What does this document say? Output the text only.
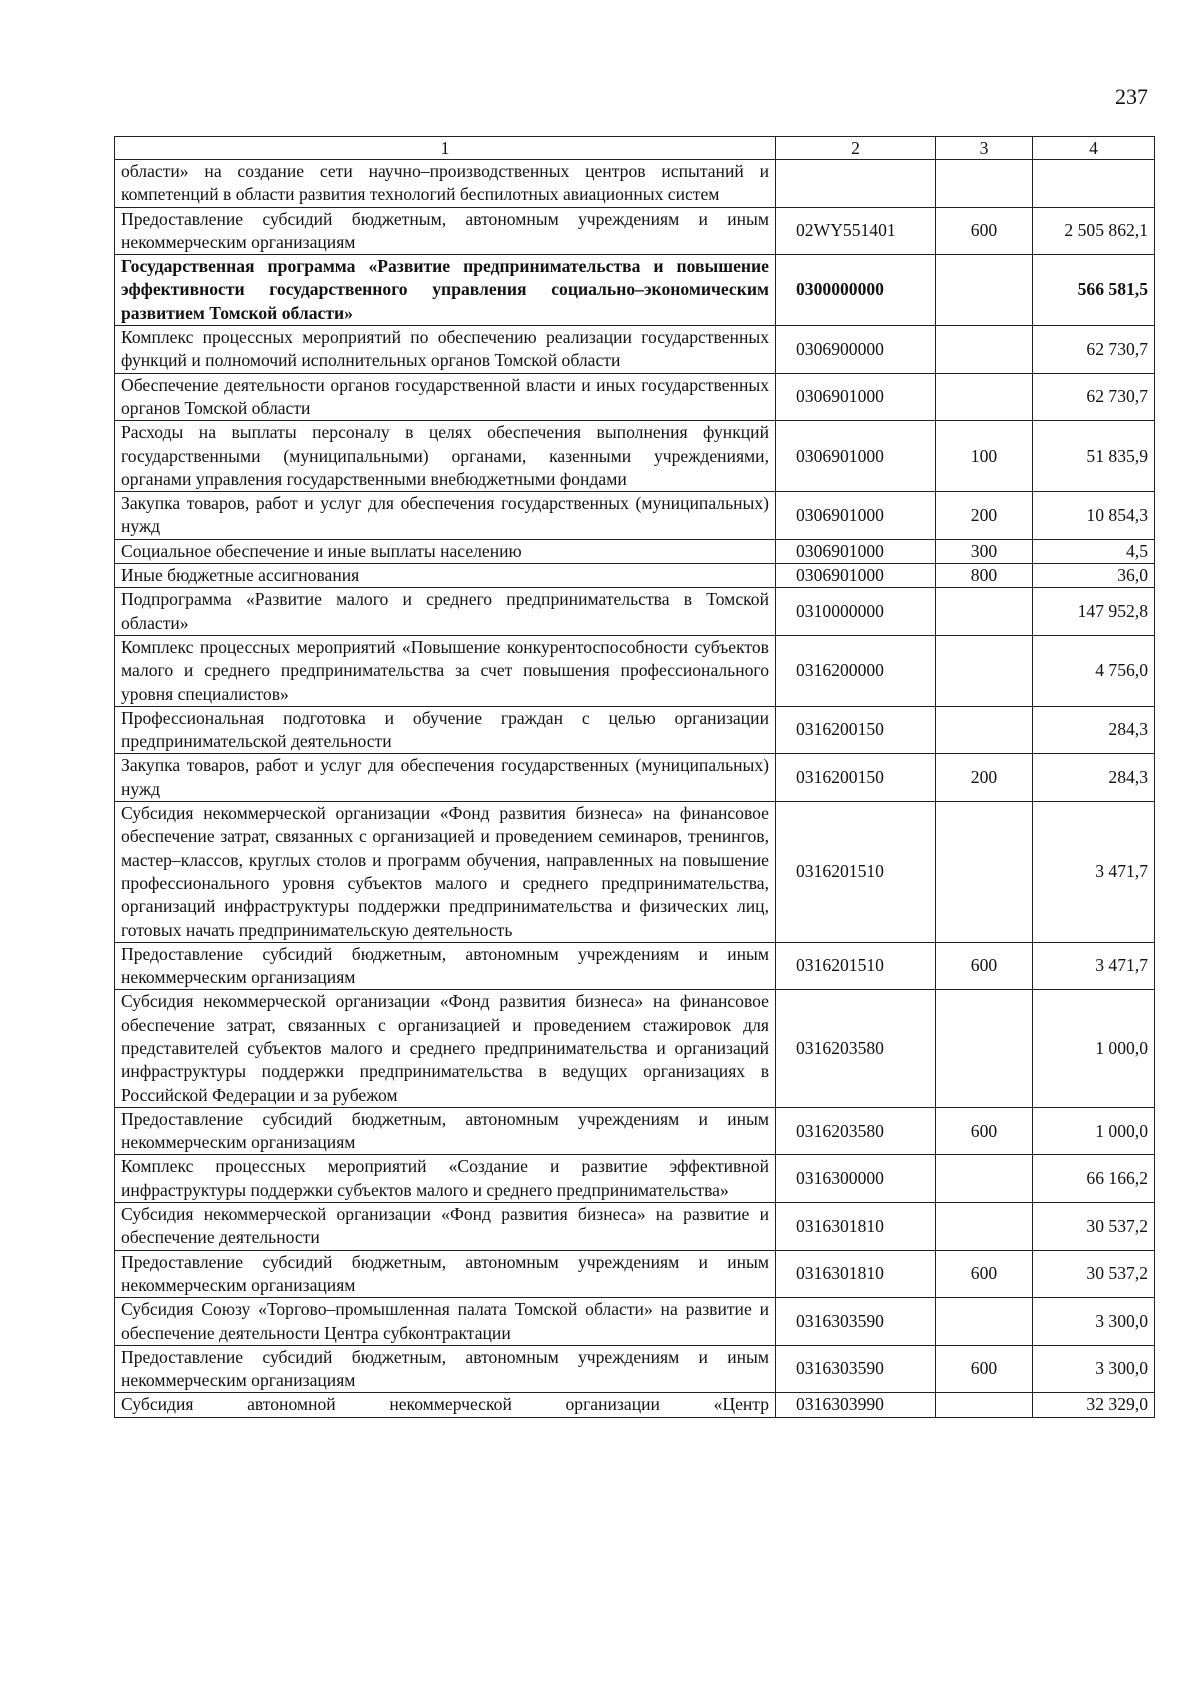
237
1	2	3	4
области» на создание сети научно–производственных центров испытаний и компетенций в области развития технологий беспилотных авиационных систем			
Предоставление субсидий бюджетным, автономным учреждениям и иным некоммерческим организациям	02WY551401	600	2 505 862,1
Государственная программа «Развитие предпринимательства и повышение эффективности государственного управления социально–экономическим развитием Томской области»	0300000000		566 581,5
Комплекс процессных мероприятий по обеспечению реализации государственных функций и полномочий исполнительных органов Томской области	0306900000		62 730,7
Обеспечение деятельности органов государственной власти и иных государственных органов Томской области	0306901000		62 730,7
Расходы на выплаты персоналу в целях обеспечения выполнения функций государственными (муниципальными) органами, казенными учреждениями, органами управления государственными внебюджетными фондами	0306901000	100	51 835,9
Закупка товаров, работ и услуг для обеспечения государственных (муниципальных) нужд	0306901000	200	10 854,3
Социальное обеспечение и иные выплаты населению	0306901000	300	4,5
Иные бюджетные ассигнования	0306901000	800	36,0
Подпрограмма «Развитие малого и среднего предпринимательства в Томской области»	0310000000		147 952,8
Комплекс процессных мероприятий «Повышение конкурентоспособности субъектов малого и среднего предпринимательства за счет повышения профессионального уровня специалистов»	0316200000		4 756,0
Профессиональная подготовка и обучение граждан с целью организации предпринимательской деятельности	0316200150		284,3
Закупка товаров, работ и услуг для обеспечения государственных (муниципальных) нужд	0316200150	200	284,3
Субсидия некоммерческой организации «Фонд развития бизнеса» на финансовое обеспечение затрат, связанных с организацией и проведением семинаров, тренингов, мастер–классов, круглых столов и программ обучения, направленных на повышение профессионального уровня субъектов малого и среднего предпринимательства, организаций инфраструктуры поддержки предпринимательства и физических лиц, готовых начать предпринимательскую деятельность	0316201510		3 471,7
Предоставление субсидий бюджетным, автономным учреждениям и иным некоммерческим организациям	0316201510	600	3 471,7
Субсидия некоммерческой организации «Фонд развития бизнеса» на финансовое обеспечение затрат, связанных с организацией и проведением стажировок для представителей субъектов малого и среднего предпринимательства и организаций инфраструктуры поддержки предпринимательства в ведущих организациях в Российской Федерации и за рубежом	0316203580		1 000,0
Предоставление субсидий бюджетным, автономным учреждениям и иным некоммерческим организациям	0316203580	600	1 000,0
Комплекс процессных мероприятий «Создание и развитие эффективной инфраструктуры поддержки субъектов малого и среднего предпринимательства»	0316300000		66 166,2
Субсидия некоммерческой организации «Фонд развития бизнеса» на развитие и обеспечение деятельности	0316301810		30 537,2
Предоставление субсидий бюджетным, автономным учреждениям и иным некоммерческим организациям	0316301810	600	30 537,2
Субсидия Союзу «Торгово–промышленная палата Томской области» на развитие и обеспечение деятельности Центра субконтрактации	0316303590		3 300,0
Предоставление субсидий бюджетным, автономным учреждениям и иным некоммерческим организациям	0316303590	600	3 300,0
Субсидия автономной некоммерческой организации «Центр	0316303990		32 329,0
